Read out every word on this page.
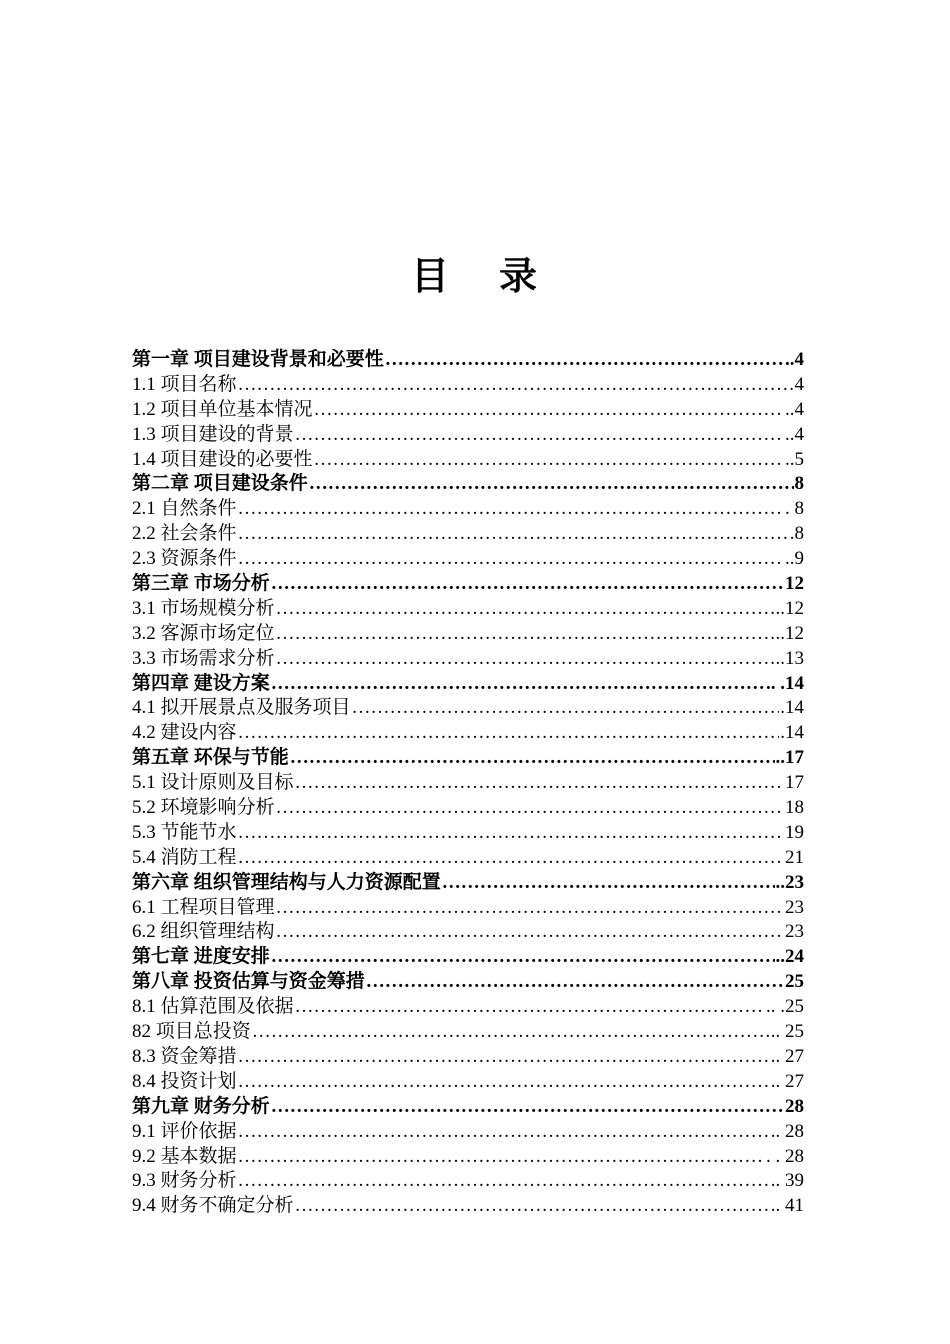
目 录
第一章 项目建设背景和必要性 …………………………………………………………………………………………………………………………………………………………………	..4
1.1 项目名称 …………………………………………………………………………………………………………………………………………………………………	4
1.2 项目单位基本情况 …………………………………………………………………………………………………………………………………………………………………	..4
1.3 项目建设的背景 …………………………………………………………………………………………………………………………………………………………………	..4
1.4 项目建设的必要性 …………………………………………………………………………………………………………………………………………………………………	..5
第二章 项目建设条件 …………………………………………………………………………………………………………………………………………………………………	8
2.1 自然条件 …………………………………………………………………………………………………………………………………………………………………	. 8
2.2 社会条件 …………………………………………………………………………………………………………………………………………………………………	.8
2.3 资源条件 …………………………………………………………………………………………………………………………………………………………………	..9
第三章 市场分析 …………………………………………………………………………………………………………………………………………………………………	12
3.1 市场规模分析 …………………………………………………………………………………………………………………………………………………………………	..12
3.2 客源市场定位 …………………………………………………………………………………………………………………………………………………………………	..12
3.3 市场需求分析 …………………………………………………………………………………………………………………………………………………………………	..13
第四章 建设方案 …………………………………………………………………………………………………………………………………………………………………	.. .14
4.1 拟开展景点及服务项目 …………………………………………………………………………………………………………………………………………………………………	.14
4.2 建设内容 …………………………………………………………………………………………………………………………………………………………………	.14
第五章 环保与节能 …………………………………………………………………………………………………………………………………………………………………	..17
5.1 设计原则及目标 …………………………………………………………………………………………………………………………………………………………………	17
5.2 环境影响分析 …………………………………………………………………………………………………………………………………………………………………	18
5.3 节能节水 …………………………………………………………………………………………………………………………………………………………………	19
5.4 消防工程 …………………………………………………………………………………………………………………………………………………………………	21
第六章 组织管理结构与人力资源配置 …………………………………………………………………………………………………………………………………………………………………	..23
6.1 工程项目管理 …………………………………………………………………………………………………………………………………………………………………	23
6.2 组织管理结构 …………………………………………………………………………………………………………………………………………………………………	23
第七章 进度安排 …………………………………………………………………………………………………………………………………………………………………	..24
第八章 投资估算与资金筹措 …………………………………………………………………………………………………………………………………………………………………	25
8.1 估算范围及依据 …………………………………………………………………………………………………………………………………………………………………	.. .25
82 项目总投资 …………………………………………………………………………………………………………………………………………………………………	.. 25
8.3 资金筹措 …………………………………………………………………………………………………………………………………………………………………	.. 27
8.4 投资计划 …………………………………………………………………………………………………………………………………………………………………	.. 27
第九章 财务分析 …………………………………………………………………………………………………………………………………………………………………	28
9.1 评价依据 …………………………………………………………………………………………………………………………………………………………………	.. 28
9.2 基本数据 …………………………………………………………………………………………………………………………………………………………………	. . 28
9.3 财务分析 …………………………………………………………………………………………………………………………………………………………………	.. 39
9.4 财务不确定分析 …………………………………………………………………………………………………………………………………………………………………	.. 41
